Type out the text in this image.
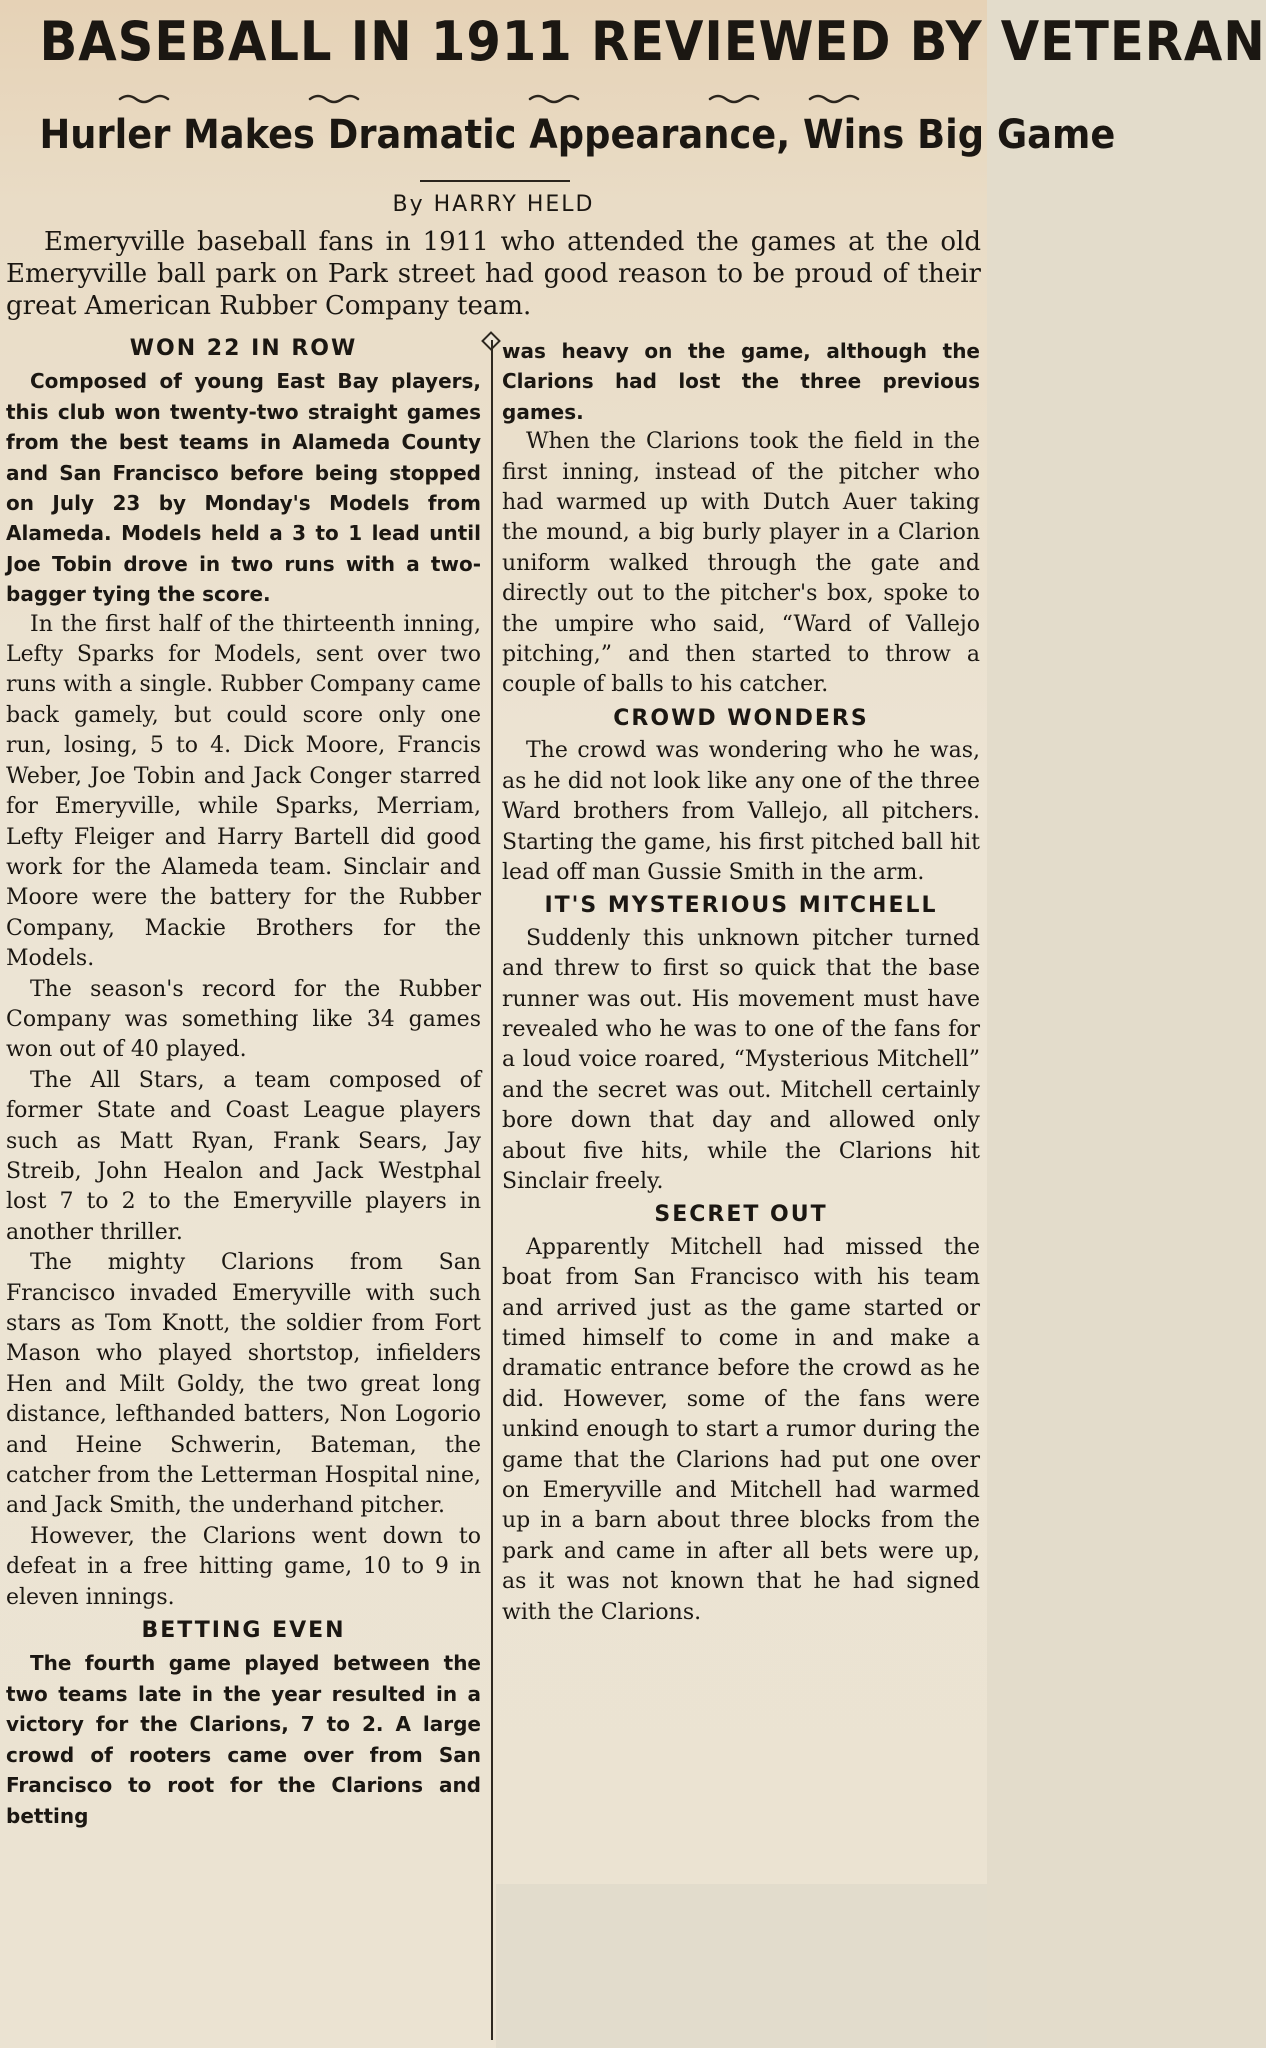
BASEBALL IN 1911 REVIEWED BY VETERAN
Hurler Makes Dramatic Appearance, Wins Big Game
By HARRY HELD
Emeryville baseball fans in 1911 who attended the games at the old Emeryville ball park on Park street had good reason to be proud of their great American Rubber Company team.
WON 22 IN ROW

Composed of young East Bay players, this club won twenty-two straight games from the best teams in Alameda County and San Francisco before being stopped on July 23 by Monday's Models from Alameda. Models held a 3 to 1 lead until Joe Tobin drove in two runs with a two-bagger tying the score.

In the first half of the thirteenth inning, Lefty Sparks for Models, sent over two runs with a single. Rubber Company came back gamely, but could score only one run, losing, 5 to 4. Dick Moore, Francis Weber, Joe Tobin and Jack Conger starred for Emeryville, while Sparks, Merriam, Lefty Fleiger and Harry Bartell did good work for the Alameda team. Sinclair and Moore were the battery for the Rubber Company, Mackie Brothers for the Models.

The season's record for the Rubber Company was something like 34 games won out of 40 played.

The All Stars, a team composed of former State and Coast League players such as Matt Ryan, Frank Sears, Jay Streib, John Healon and Jack Westphal lost 7 to 2 to the Emeryville players in another thriller.

The mighty Clarions from San Francisco invaded Emeryville with such stars as Tom Knott, the soldier from Fort Mason who played shortstop, infielders Hen and Milt Goldy, the two great long distance, lefthanded batters, Non Logorio and Heine Schwerin, Bateman, the catcher from the Letterman Hospital nine, and Jack Smith, the underhand pitcher.

However, the Clarions went down to defeat in a free hitting game, 10 to 9 in eleven innings.

BETTING EVEN

The fourth game played between the two teams late in the year resulted in a victory for the Clarions, 7 to 2. A large crowd of rooters came over from San Francisco to root for the Clarions and betting

was heavy on the game, although the Clarions had lost the three previous games.

When the Clarions took the field in the first inning, instead of the pitcher who had warmed up with Dutch Auer taking the mound, a big burly player in a Clarion uniform walked through the gate and directly out to the pitcher's box, spoke to the umpire who said, “Ward of Vallejo pitching,” and then started to throw a couple of balls to his catcher.

CROWD WONDERS

The crowd was wondering who he was, as he did not look like any one of the three Ward brothers from Vallejo, all pitchers. Starting the game, his first pitched ball hit lead off man Gussie Smith in the arm.

IT'S MYSTERIOUS MITCHELL

Suddenly this unknown pitcher turned and threw to first so quick that the base runner was out. His movement must have revealed who he was to one of the fans for a loud voice roared, “Mysterious Mitchell” and the secret was out. Mitchell certainly bore down that day and allowed only about five hits, while the Clarions hit Sinclair freely.

SECRET OUT

Apparently Mitchell had missed the boat from San Francisco with his team and arrived just as the game started or timed himself to come in and make a dramatic entrance before the crowd as he did. However, some of the fans were unkind enough to start a rumor during the game that the Clarions had put one over on Emeryville and Mitchell had warmed up in a barn about three blocks from the park and came in after all bets were up, as it was not known that he had signed with the Clarions.
